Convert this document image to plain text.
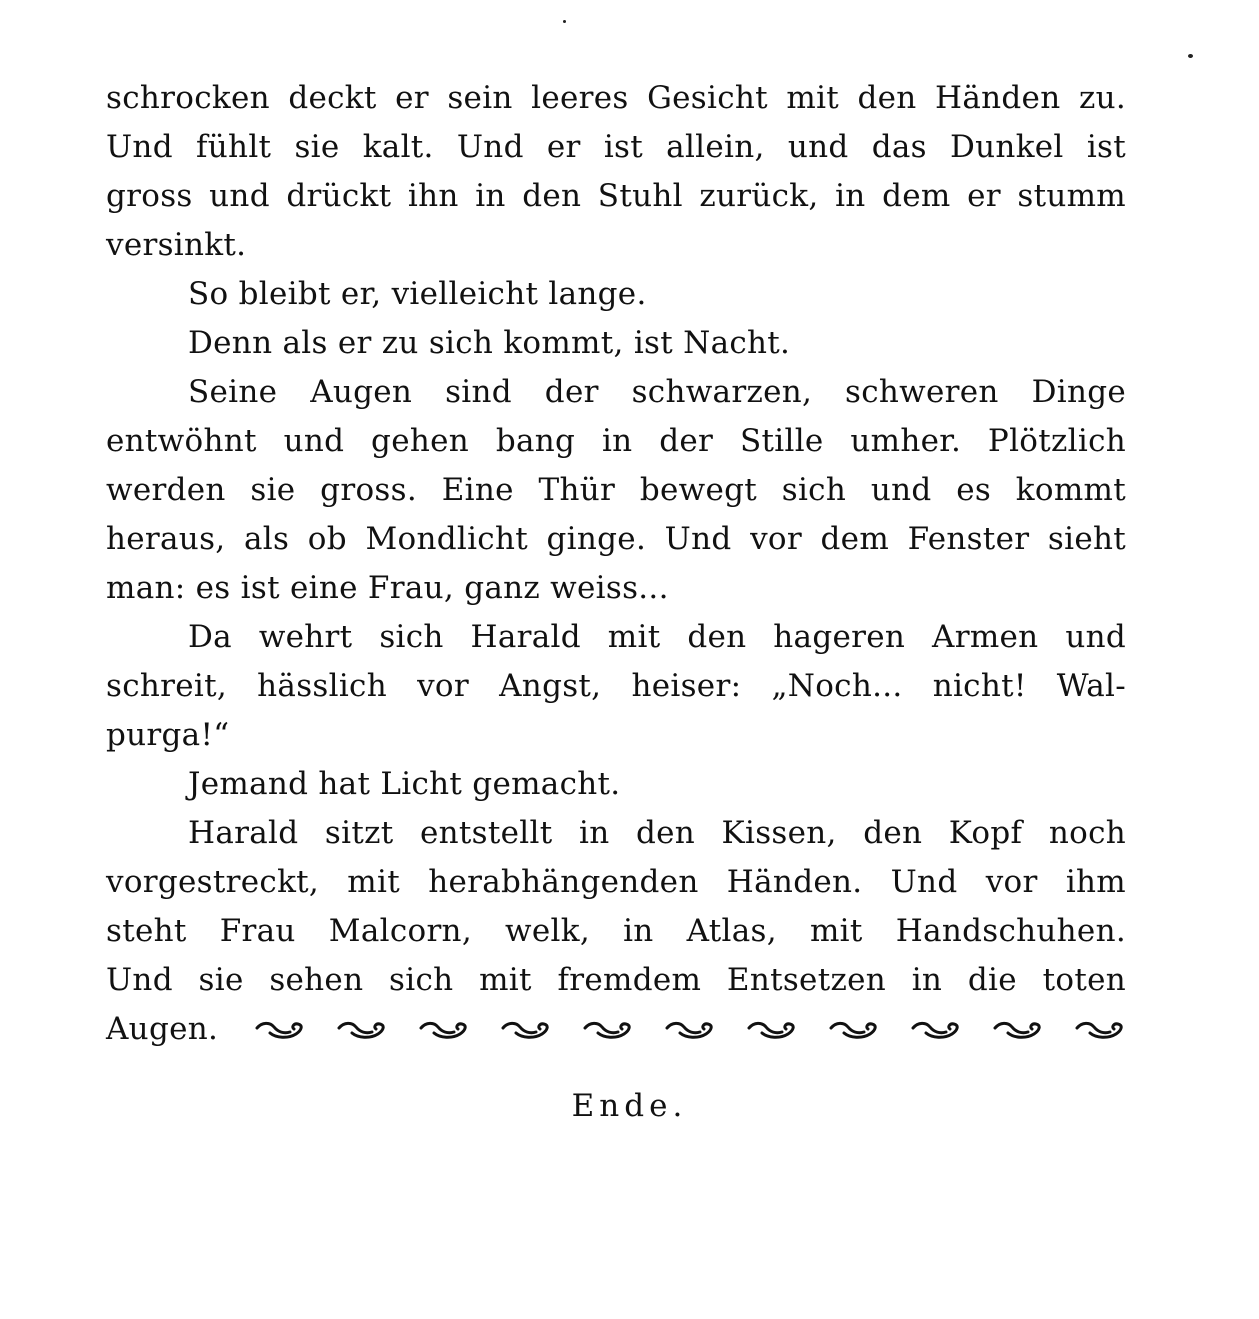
schrocken deckt er sein leeres Gesicht mit den Händen zu.
Und fühlt sie kalt. Und er ist allein, und das Dunkel ist
gross und drückt ihn in den Stuhl zurück, in dem er stumm
versinkt.
So bleibt er, vielleicht lange.
Denn als er zu sich kommt, ist Nacht.
Seine Augen sind der schwarzen, schweren Dinge
entwöhnt und gehen bang in der Stille umher. Plötzlich
werden sie gross. Eine Thür bewegt sich und es kommt
heraus, als ob Mondlicht ginge. Und vor dem Fenster sieht
man: es ist eine Frau, ganz weiss...
Da wehrt sich Harald mit den hageren Armen und
schreit, hässlich vor Angst, heiser: „Noch... nicht! Wal-
purga!“
Jemand hat Licht gemacht.
Harald sitzt entstellt in den Kissen, den Kopf noch
vorgestreckt, mit herabhängenden Händen. Und vor ihm
steht Frau Malcorn, welk, in Atlas, mit Handschuhen.
Und sie sehen sich mit fremdem Entsetzen in die toten
Augen.
Ende.
